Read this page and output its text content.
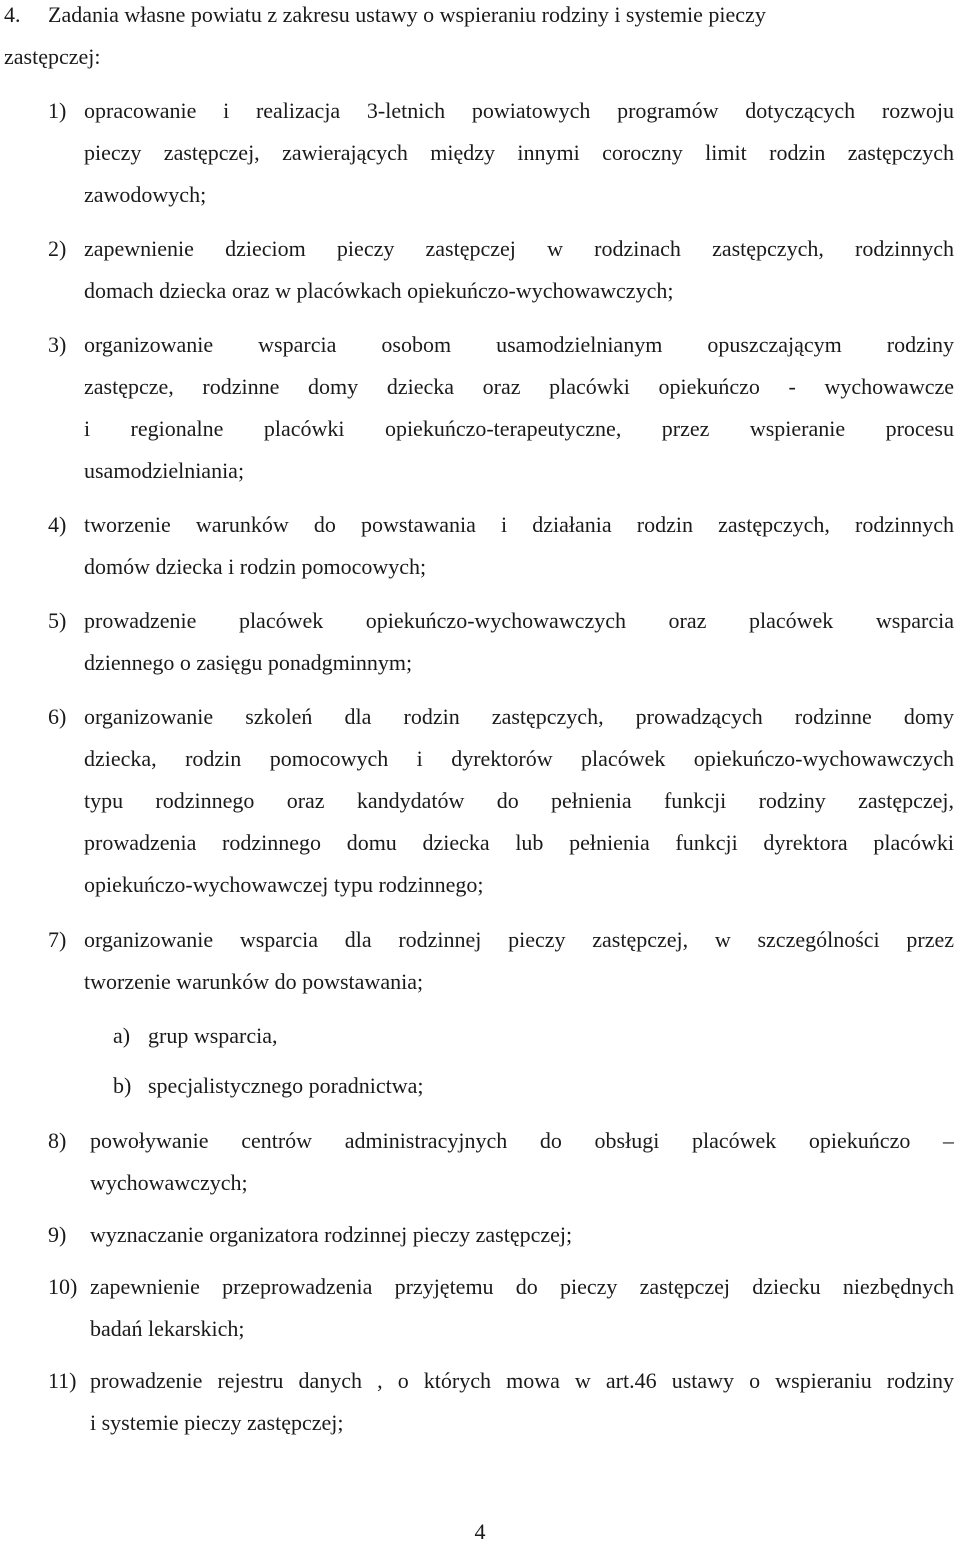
4. Zadania własne powiatu z zakresu ustawy o wspieraniu rodziny i systemie pieczy
zastępczej:
1) opracowanie i realizacja 3-letnich powiatowych programów dotyczących rozwoju
pieczy zastępczej, zawierających między innymi coroczny limit rodzin zastępczych
zawodowych;
2) zapewnienie dzieciom pieczy zastępczej w rodzinach zastępczych, rodzinnych
domach dziecka oraz w placówkach opiekuńczo-wychowawczych;
3) organizowanie wsparcia osobom usamodzielnianym opuszczającym rodziny
zastępcze, rodzinne domy dziecka oraz placówki opiekuńczo - wychowawcze
i regionalne placówki opiekuńczo-terapeutyczne, przez wspieranie procesu
usamodzielniania;
4) tworzenie warunków do powstawania i działania rodzin zastępczych, rodzinnych
domów dziecka i rodzin pomocowych;
5) prowadzenie placówek opiekuńczo-wychowawczych oraz placówek wsparcia
dziennego o zasięgu ponadgminnym;
6) organizowanie szkoleń dla rodzin zastępczych, prowadzących rodzinne domy
dziecka, rodzin pomocowych i dyrektorów placówek opiekuńczo-wychowawczych
typu rodzinnego oraz kandydatów do pełnienia funkcji rodziny zastępczej,
prowadzenia rodzinnego domu dziecka lub pełnienia funkcji dyrektora placówki
opiekuńczo-wychowawczej typu rodzinnego;
7) organizowanie wsparcia dla rodzinnej pieczy zastępczej, w szczególności przez
tworzenie warunków do powstawania;
a) grup wsparcia,
b) specjalistycznego poradnictwa;
8) powoływanie centrów administracyjnych do obsługi placówek opiekuńczo –
wychowawczych;
9) wyznaczanie organizatora rodzinnej pieczy zastępczej;
10) zapewnienie przeprowadzenia przyjętemu do pieczy zastępczej dziecku niezbędnych
badań lekarskich;
11) prowadzenie rejestru danych , o których mowa w art.46 ustawy o wspieraniu rodziny
i systemie pieczy zastępczej;
4
